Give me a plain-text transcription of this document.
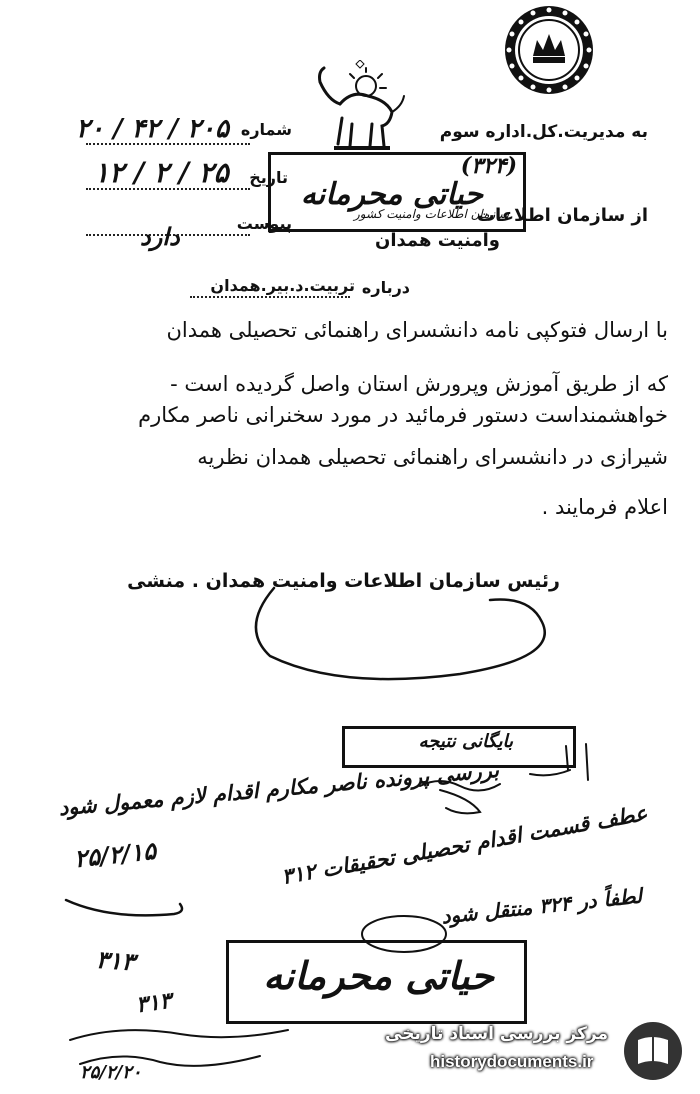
به مدیریت.کل.اداره سوم
شماره
۲۰۵ / ۴۲ / ۲۰
تاریخ
۲۵ / ۲ / ۱۲
پیوست
دارد
از سازمان اطلاعات
وامنیت همدان
(۳۲۴)
حیاتی محرمانه
سازمان اطلاعات وامنیت کشور
درباره
تربیت.د.بیر.همدان
با ارسال فتوکپی نامه دانشسرای راهنمائی تحصیلی همدان
که از طریق آموزش وپرورش استان واصل گردیده است -
خواهشمنداست دستور فرمائید در مورد سخنرانی ناصر مکارم
شیرازی در دانشسرای راهنمائی تحصیلی همدان نظریه
اعلام فرمایند .
رئیس سازمان اطلاعات وامنیت همدان . منشی
بایگانی نتیجه
بررسی پرونده ناصر مکارم اقدام لازم معمول شود
۲۵/۲/۱۵
عطف قسمت اقدام تحصیلی تحقیقات ۳۱۲
لطفاً در ۳۲۴ منتقل شود
۳۱۳	حیاتی محرمانه
۳۱۳
۲۵/۲/۲۰
مرکز بررسی اسناد تاریخی
historydocuments.ir
